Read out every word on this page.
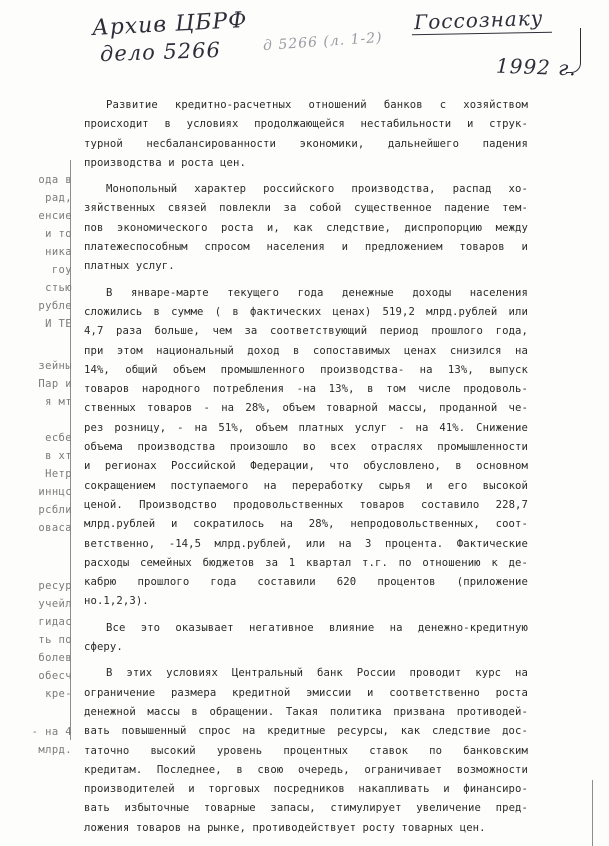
Архив ЦБРФ
дело 5266	д 5266 (л. 1-2)
Госсознаку
1992 г.
ода в
рад,
енсие
и то
ника
гоу
стью
рубле
И ТЕ
зейны
Пар и
я мт
есбе
в хт
Нетр
иннцс
рсбли
оваса
ресур
учейл
гидас
ть по
болев
обесч
кре-
- на 4
млрд.
Развитие кредитно-расчетных отношений банков с хозяйством
происходит в условиях продолжающейся нестабильности и струк-
турной несбалансированности экономики, дальнейшего падения
производства и роста цен.
Монопольный характер российского производства, распад хо-
зяйственных связей повлекли за собой существенное падение тем-
пов экономического роста и, как следствие, диспропорцию между
платежеспособным спросом населения и предложением товаров и
платных услуг.
В январе-марте текущего года денежные доходы населения
сложились в сумме ( в фактических ценах) 519,2 млрд.рублей или
4,7 раза больше, чем за соответствующий период прошлого года,
при этом национальный доход в сопоставимых ценах снизился на
14%, общий объем промышленного производства- на 13%, выпуск
товаров народного потребления -на 13%, в том числе продоволь-
ственных товаров - на 28%, объем товарной массы, проданной че-
рез розницу, - на 51%, объем платных услуг - на 41%. Снижение
объема производства произошло во всех отраслях промышленности
и регионах Российской Федерации, что обусловлено, в основном
сокращением поступаемого на переработку сырья и его высокой
ценой. Производство продовольственных товаров составило 228,7
млрд.рублей и сократилось на 28%, непродовольственных, соот-
ветственно, -14,5 млрд.рублей, или на 3 процента. Фактические
расходы семейных бюджетов за 1 квартал т.г. по отношению к де-
кабрю прошлого года составили 620 процентов (приложение
но.1,2,3).
Все это оказывает негативное влияние на денежно-кредитную
сферу.
В этих условиях Центральный банк России проводит курс на
ограничение размера кредитной эмиссии и соответственно роста
денежной массы в обращении. Такая политика призвана противодей-
вать повышенный спрос на кредитные ресурсы, как следствие дос-
таточно высокий уровень процентных ставок по банковским
кредитам. Последнее, в свою очередь, ограничивает возможности
производителей и торговых посредников накапливать и финансиро-
вать избыточные товарные запасы, стимулирует увеличение пред-
ложения товаров на рынке, противодействует росту товарных цен.
